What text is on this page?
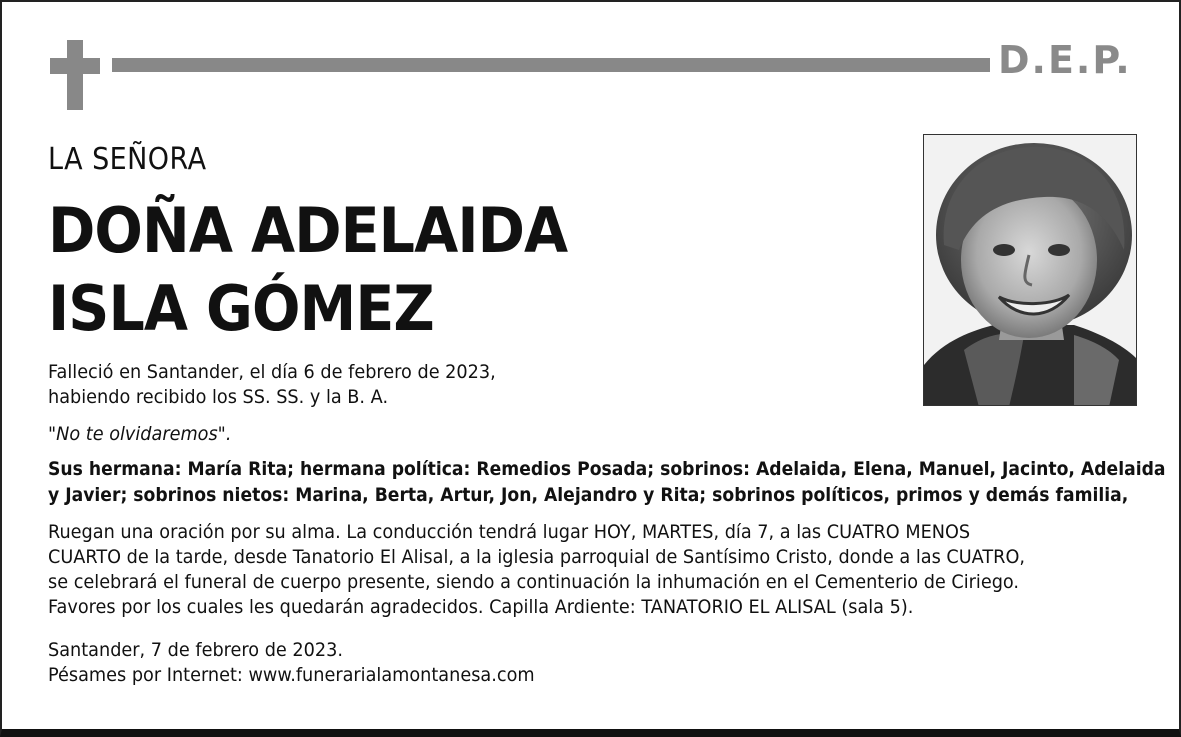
D.E.P.
LA SEÑORA
DOÑA ADELAIDA
ISLA GÓMEZ
Falleció en Santander, el día 6 de febrero de 2023,
habiendo recibido los SS. SS. y la B. A.
"No te olvidaremos".
Sus hermana: María Rita; hermana política: Remedios Posada; sobrinos: Adelaida, Elena, Manuel, Jacinto, Adelaida
y Javier; sobrinos nietos: Marina, Berta, Artur, Jon, Alejandro y Rita; sobrinos políticos, primos y demás familia,
Ruegan una oración por su alma. La conducción tendrá lugar HOY, MARTES, día 7, a las CUATRO MENOS
CUARTO de la tarde, desde Tanatorio El Alisal, a la iglesia parroquial de Santísimo Cristo, donde a las CUATRO,
se celebrará el funeral de cuerpo presente, siendo a continuación la inhumación en el Cementerio de Ciriego.
Favores por los cuales les quedarán agradecidos. Capilla Ardiente: TANATORIO EL ALISAL (sala 5).
Santander, 7 de febrero de 2023.
Pésames por Internet: www.funerarialamontanesa.com
